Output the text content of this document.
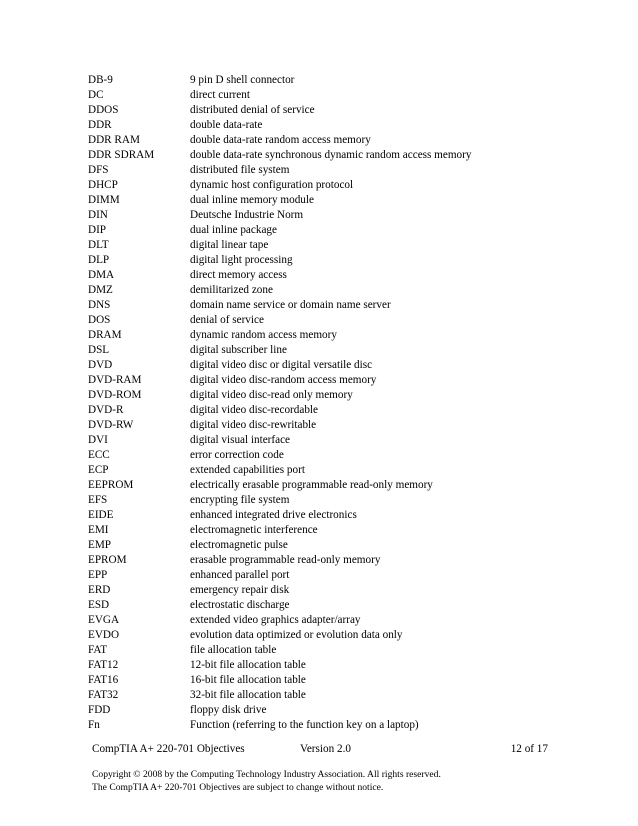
DB-9	9 pin D shell connector
DC	direct current
DDOS	distributed denial of service
DDR	double data-rate
DDR RAM	double data-rate random access memory
DDR SDRAM	double data-rate synchronous dynamic random access memory
DFS	distributed file system
DHCP	dynamic host configuration protocol
DIMM	dual inline memory module
DIN	Deutsche Industrie Norm
DIP	dual inline package
DLT	digital linear tape
DLP	digital light processing
DMA	direct memory access
DMZ	demilitarized zone
DNS	domain name service or domain name server
DOS	denial of service
DRAM	dynamic random access memory
DSL	digital subscriber line
DVD	digital video disc or digital versatile disc
DVD-RAM	digital video disc-random access memory
DVD-ROM	digital video disc-read only memory
DVD-R	digital video disc-recordable
DVD-RW	digital video disc-rewritable
DVI	digital visual interface
ECC	error correction code
ECP	extended capabilities port
EEPROM	electrically erasable programmable read-only memory
EFS	encrypting file system
EIDE	enhanced integrated drive electronics
EMI	electromagnetic interference
EMP	electromagnetic pulse
EPROM	erasable programmable read-only memory
EPP	enhanced parallel port
ERD	emergency repair disk
ESD	electrostatic discharge
EVGA	extended video graphics adapter/array
EVDO	evolution data optimized or evolution data only
FAT	file allocation table
FAT12	12-bit file allocation table
FAT16	16-bit file allocation table
FAT32	32-bit file allocation table
FDD	floppy disk drive
Fn	Function (referring to the function key on a laptop)
CompTIA A+ 220-701 Objectives	Version 2.0	12 of 17
Copyright © 2008 by the Computing Technology Industry Association. All rights reserved.
The CompTIA A+ 220-701 Objectives are subject to change without notice.
